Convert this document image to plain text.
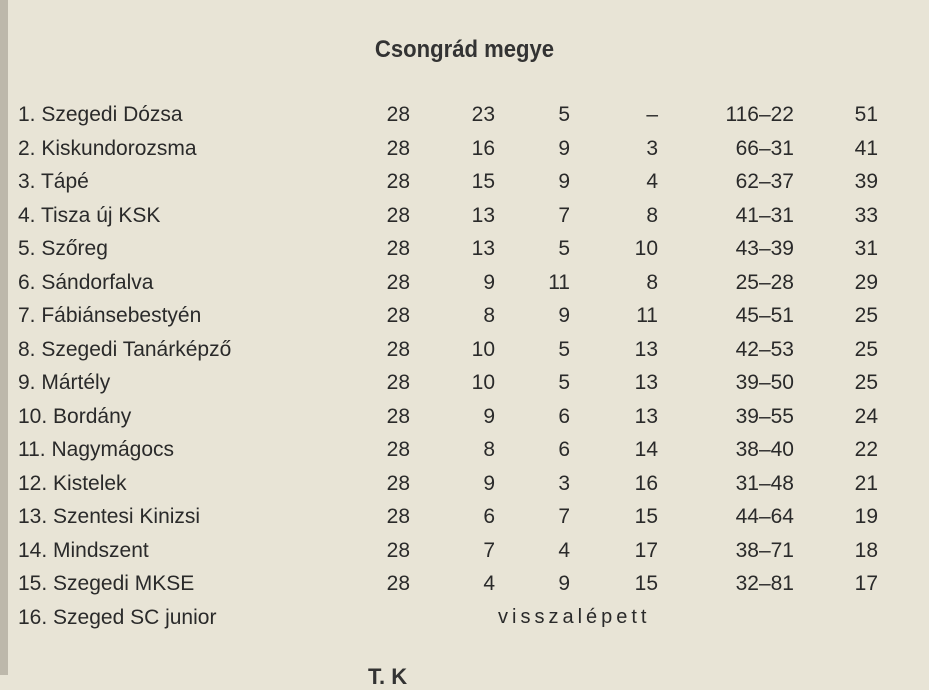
Csongrád megye
1. Szegedi Dózsa	28	23	5	–	116–22	51
2. Kiskundorozsma	28	16	9	3	66–31	41
3. Tápé	28	15	9	4	62–37	39
4. Tisza új KSK	28	13	7	8	41–31	33
5. Szőreg	28	13	5	10	43–39	31
6. Sándorfalva	28	9	11	8	25–28	29
7. Fábiánsebestyén	28	8	9	11	45–51	25
8. Szegedi Tanárképző	28	10	5	13	42–53	25
9. Mártély	28	10	5	13	39–50	25
10. Bordány	28	9	6	13	39–55	24
11. Nagymágocs	28	8	6	14	38–40	22
12. Kistelek	28	9	3	16	31–48	21
13. Szentesi Kinizsi	28	6	7	15	44–64	19
14. Mindszent	28	7	4	17	38–71	18
15. Szegedi MKSE	28	4	9	15	32–81	17
16. Szeged SC junior	visszalépett
T. K
